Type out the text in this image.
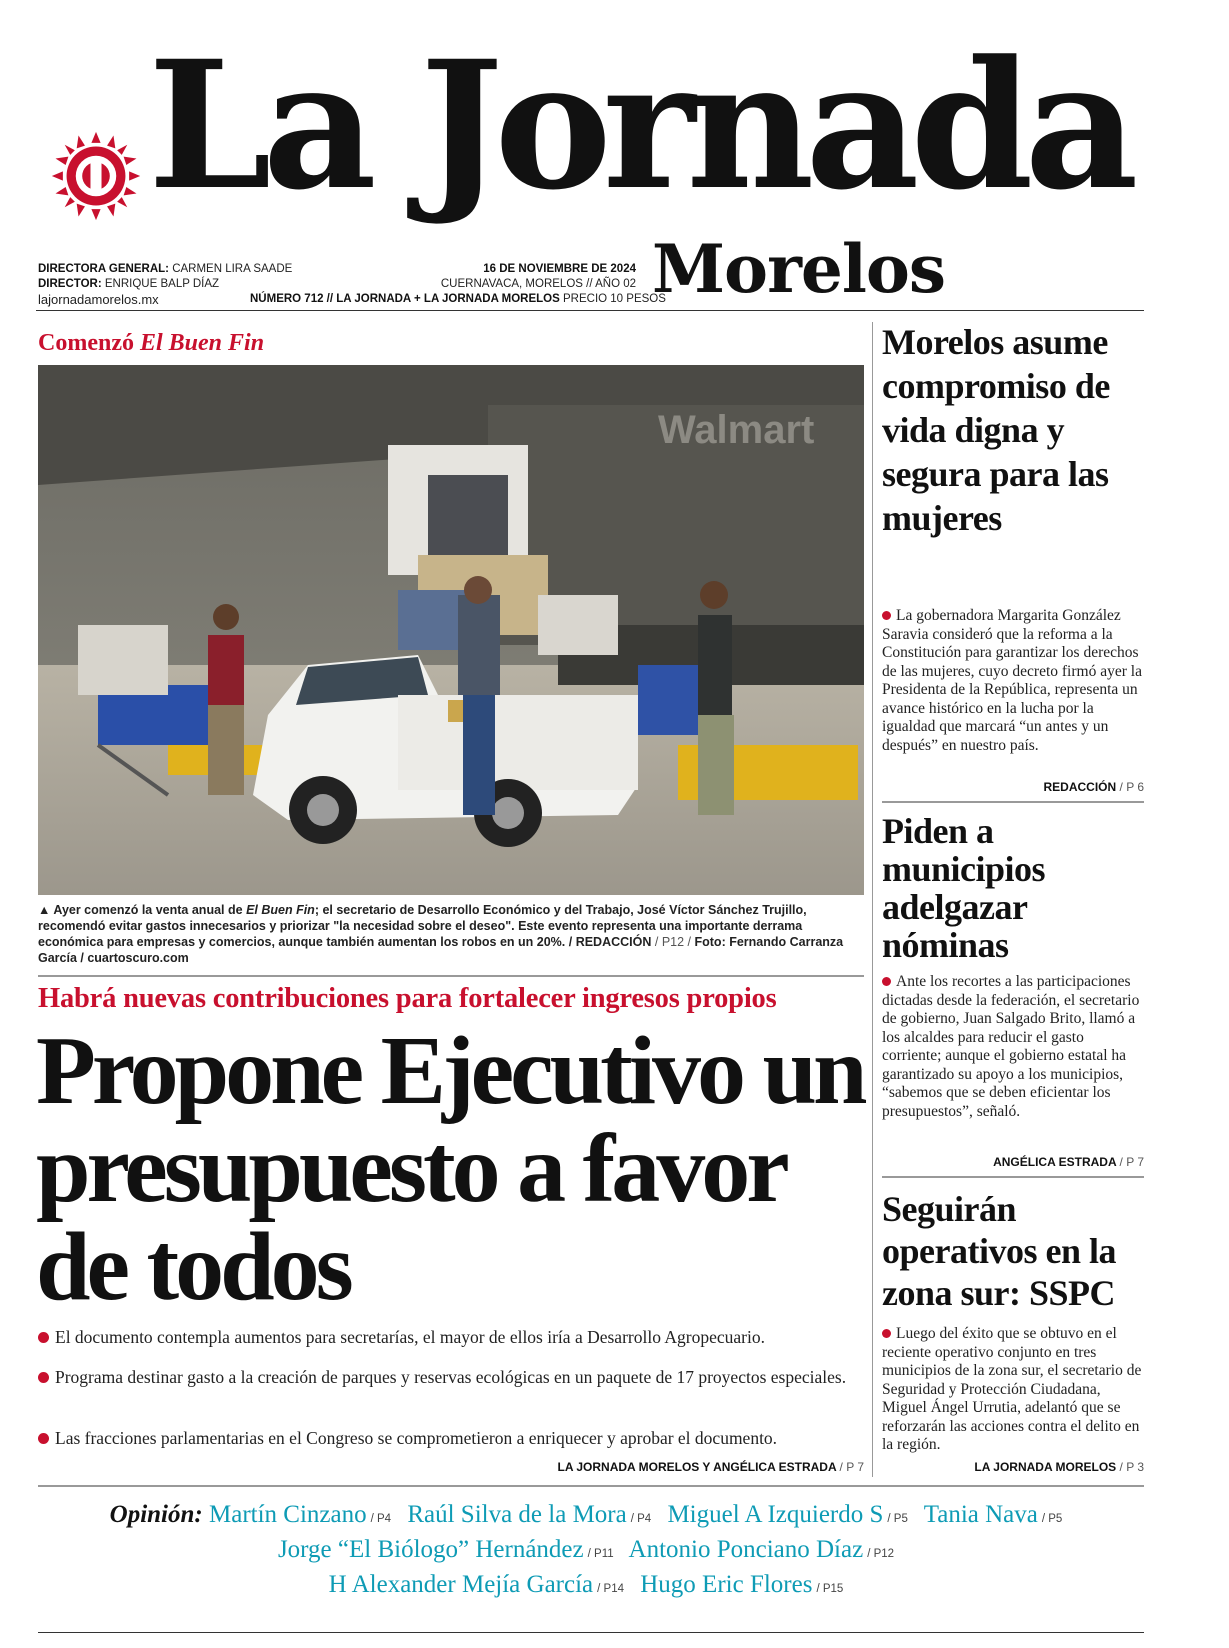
La Jornada
Morelos
DIRECTORA GENERAL: CARMEN LIRA SAADE
DIRECTOR: ENRIQUE BALP DÍAZ
lajornadamorelos.mx
16 DE NOVIEMBRE DE 2024
CUERNAVACA, MORELOS // AÑO 02
NÚMERO 712 // LA JORNADA + LA JORNADA MORELOS PRECIO 10 PESOS
Comenzó El Buen Fin
Walmart
▲ Ayer comenzó la venta anual de El Buen Fin; el secretario de Desarrollo Económico y del Trabajo, José Víctor Sánchez Trujillo, recomendó evitar gastos innecesarios y priorizar "la necesidad sobre el deseo". Este evento representa una importante derrama económica para empresas y comercios, aunque también aumentan los robos en un 20%. / REDACCIÓN / P12 / Foto: Fernando Carranza García / cuartoscuro.com
Habrá nuevas contribuciones para fortalecer ingresos propios
Propone Ejecutivo un presupuesto a favor de todos
El documento contempla aumentos para secretarías, el mayor de ellos iría a Desarrollo Agropecuario.
Programa destinar gasto a la creación de parques y reservas ecológicas en un paquete de 17 proyectos especiales.
Las fracciones parlamentarias en el Congreso se comprometieron a enriquecer y aprobar el documento.
LA JORNADA MORELOS Y ANGÉLICA ESTRADA / P 7
Morelos asume compromiso de vida digna y segura para las mujeres
La gobernadora Margarita González Saravia consideró que la reforma a la Constitución para garantizar los derechos de las mujeres, cuyo decreto firmó ayer la Presidenta de la República, representa un avance histórico en la lucha por la igualdad que marcará “un antes y un después” en nuestro país.
REDACCIÓN / P 6
Piden a municipios adelgazar nóminas
Ante los recortes a las participaciones dictadas desde la federación, el secretario de gobierno, Juan Salgado Brito, llamó a los alcaldes para reducir el gasto corriente; aunque el gobierno estatal ha garantizado su apoyo a los municipios, “sabemos que se deben eficientar los presupuestos”, señaló.
ANGÉLICA ESTRADA / P 7
Seguirán operativos en la zona sur: SSPC
Luego del éxito que se obtuvo en el reciente operativo conjunto en tres municipios de la zona sur, el secretario de Seguridad y Protección Ciudadana, Miguel Ángel Urrutia, adelantó que se reforzarán las acciones contra el delito en la región.
LA JORNADA MORELOS / P 3
Opinión: Martín Cinzano / P4 Raúl Silva de la Mora / P4 Miguel A Izquierdo S / P5 Tania Nava / P5
Jorge “El Biólogo” Hernández / P11 Antonio Ponciano Díaz / P12
H Alexander Mejía García / P14 Hugo Eric Flores / P15
